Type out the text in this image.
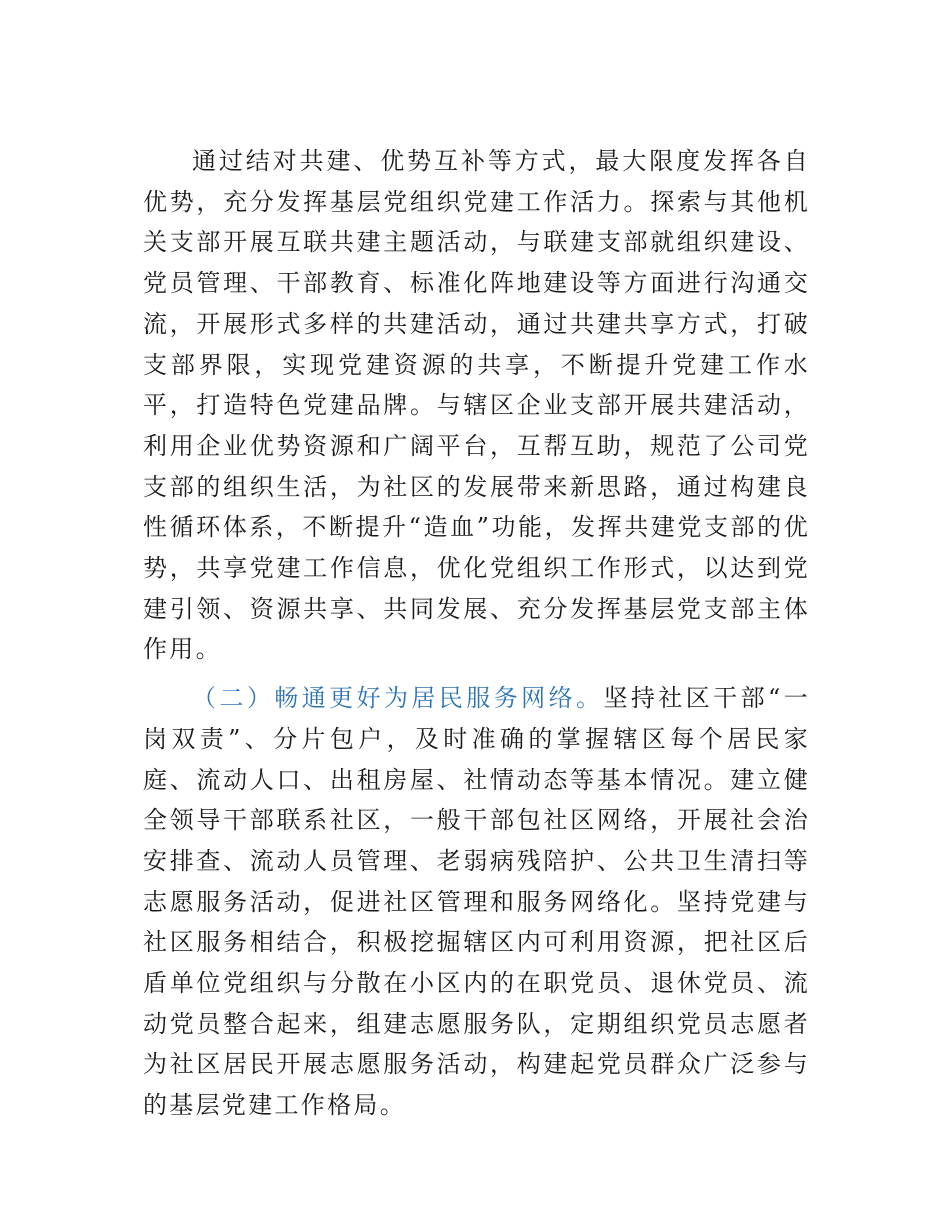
通过结对共建、优势互补等方式，最大限度发挥各自优势，充分发挥基层党组织党建工作活力。探索与其他机关支部开展互联共建主题活动，与联建支部就组织建设、党员管理、干部教育、标准化阵地建设等方面进行沟通交流，开展形式多样的共建活动，通过共建共享方式，打破支部界限，实现党建资源的共享，不断提升党建工作水平，打造特色党建品牌。与辖区企业支部开展共建活动，利用企业优势资源和广阔平台，互帮互助，规范了公司党支部的组织生活，为社区的发展带来新思路，通过构建良性循环体系，不断提升“造血”功能，发挥共建党支部的优势，共享党建工作信息，优化党组织工作形式，以达到党建引领、资源共享、共同发展、充分发挥基层党支部主体作用。

（二）畅通更好为居民服务网络。坚持社区干部“一岗双责”、分片包户，及时准确的掌握辖区每个居民家庭、流动人口、出租房屋、社情动态等基本情况。建立健全领导干部联系社区，一般干部包社区网络，开展社会治安排查、流动人员管理、老弱病残陪护、公共卫生清扫等志愿服务活动，促进社区管理和服务网络化。坚持党建与社区服务相结合，积极挖掘辖区内可利用资源，把社区后盾单位党组织与分散在小区内的在职党员、退休党员、流动党员整合起来，组建志愿服务队，定期组织党员志愿者为社区居民开展志愿服务活动，构建起党员群众广泛参与的基层党建工作格局。
